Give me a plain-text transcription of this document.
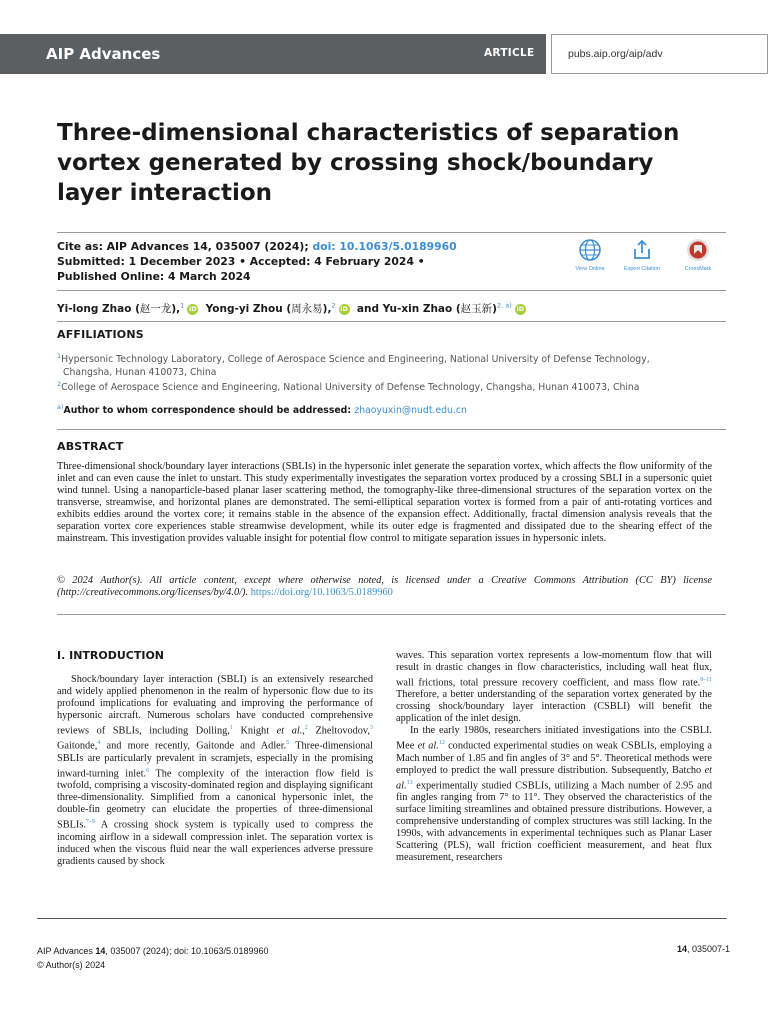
AIP Advances	ARTICLE	pubs.aip.org/aip/adv
Three-dimensional characteristics of separation vortex generated by crossing shock/boundary layer interaction
Cite as: AIP Advances 14, 035007 (2024); doi: 10.1063/5.0189960
Submitted: 1 December 2023 • Accepted: 4 February 2024 •
Published Online: 4 March 2024
View Online	Export Citation	CrossMark
Yi-long Zhao (赵一龙),$^1$ iD Yong-yi Zhou (周永易),$^2$ iD and Yu-xin Zhao (赵玉新)$^{2, a)}$ iD
AFFILIATIONS
$^1$Hypersonic Technology Laboratory, College of Aerospace Science and Engineering, National University of Defense Technology,
Changsha, Hunan 410073, China
$^2$College of Aerospace Science and Engineering, National University of Defense Technology, Changsha, Hunan 410073, China
$^{a)}$Author to whom correspondence should be addressed: zhaoyuxin@nudt.edu.cn
ABSTRACT

Three-dimensional shock/boundary layer interactions (SBLIs) in the hypersonic inlet generate the separation vortex, which affects the flow uniformity of the inlet and can even cause the inlet to unstart. This study experimentally investigates the separation vortex produced by a crossing SBLI in a supersonic quiet wind tunnel. Using a nanoparticle-based planar laser scattering method, the tomography-like three-dimensional structures of the separation vortex on the transverse, streamwise, and horizontal planes are demonstrated. The semi-elliptical separation vortex is formed from a pair of anti-rotating vortices and exhibits eddies around the vortex core; it remains stable in the absence of the expansion effect. Additionally, fractal dimension analysis reveals that the separation vortex core experiences stable streamwise development, while its outer edge is fragmented and dissipated due to the shearing effect of the mainstream. This investigation provides valuable insight for potential flow control to mitigate separation issues in hypersonic inlets.

© 2024 Author(s). All article content, except where otherwise noted, is licensed under a Creative Commons Attribution (CC BY) license (http://creativecommons.org/licenses/by/4.0/). https://doi.org/10.1063/5.0189960

I. INTRODUCTION

Shock/boundary layer interaction (SBLI) is an extensively researched and widely applied phenomenon in the realm of hypersonic flow due to its profound implications for evaluating and improving the performance of hypersonic aircraft. Numerous scholars have conducted comprehensive reviews of SBLIs, including Dolling,$^1$ Knight et al.,$^2$ Zheltovodov,$^3$ Gaitonde,$^4$ and more recently, Gaitonde and Adler.$^5$ Three-dimensional SBLIs are particularly prevalent in scramjets, especially in the promising inward-turning inlet.$^6$ The complexity of the interaction flow field is twofold, comprising a viscosity-dominated region and displaying significant three-dimensionality. Simplified from a canonical hypersonic inlet, the double-fin geometry can elucidate the properties of three-dimensional SBLIs.$^{7-9}$ A crossing shock system is typically used to compress the incoming airflow in a sidewall compression inlet. The separation vortex is induced when the viscous fluid near the wall experiences adverse pressure gradients caused by shock

waves. This separation vortex represents a low-momentum flow that will result in drastic changes in flow characteristics, including wall heat flux, wall frictions, total pressure recovery coefficient, and mass flow rate.$^{8-11}$ Therefore, a better understanding of the separation vortex generated by the crossing shock/boundary layer interaction (CSBLI) will benefit the application of the inlet design.

In the early 1980s, researchers initiated investigations into the CSBLI. Mee et al.$^{12}$ conducted experimental studies on weak CSBLIs, employing a Mach number of 1.85 and fin angles of 3° and 5°. Theoretical methods were employed to predict the wall pressure distribution. Subsequently, Batcho et al.$^{13}$ experimentally studied CSBLIs, utilizing a Mach number of 2.95 and fin angles ranging from 7° to 11°. They observed the characteristics of the surface limiting streamlines and obtained pressure distributions. However, a comprehensive understanding of complex structures was still lacking. In the 1990s, with advancements in experimental techniques such as Planar Laser Scattering (PLS), wall friction coefficient measurement, and heat flux measurement, researchers

AIP Advances 14, 035007 (2024); doi: 10.1063/5.0189960
© Author(s) 2024
14, 035007-1
